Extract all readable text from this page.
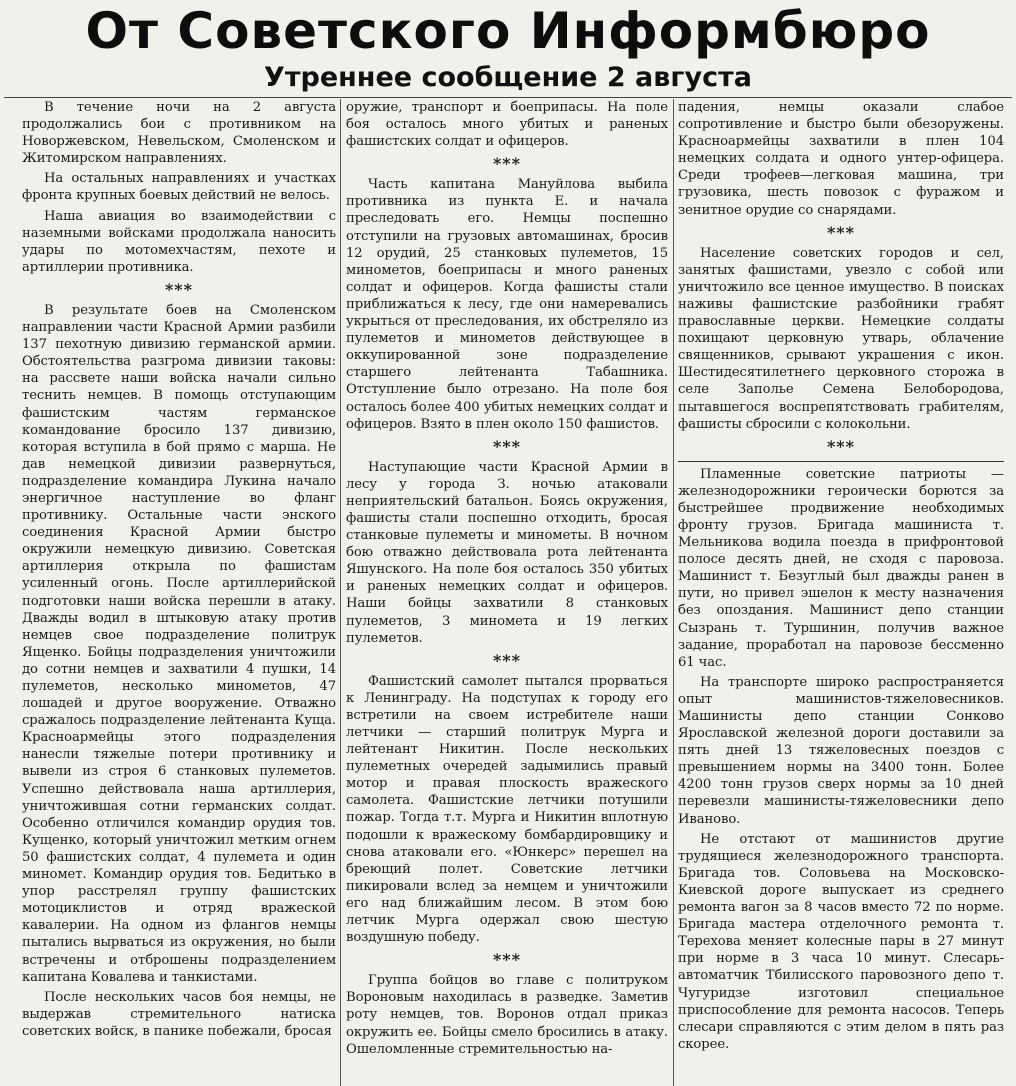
От Советского Информбюро
Утреннее сообщение 2 августа

В течение ночи на 2 августа продолжались бои с противником на Новоржевском, Невельском, Смоленском и Житомирском направлениях.

На остальных направлениях и участках фронта крупных боевых действий не велось.

Наша авиация во взаимодействии с наземными войсками продолжала наносить удары по мотомехчастям, пехоте и артиллерии противника.

***

В результате боев на Смоленском направлении части Красной Армии разбили 137 пехотную дивизию германской армии. Обстоятельства разгрома дивизии таковы: на рассвете наши войска начали сильно теснить немцев. В помощь отступающим фашистским частям германское командование бросило 137 дивизию, которая вступила в бой прямо с марша. Не дав немецкой дивизии развернуться, подразделение командира Лукина начало энергичное наступление во фланг противнику. Остальные части энского соединения Красной Армии быстро окружили немецкую дивизию. Советская артиллерия открыла по фашистам усиленный огонь. После артиллерийской подготовки наши войска перешли в атаку. Дважды водил в штыковую атаку против немцев свое подразделение политрук Ященко. Бойцы подразделения уничтожили до сотни немцев и захватили 4 пушки, 14 пулеметов, несколько минометов, 47 лошадей и другое вооружение. Отважно сражалось подразделение лейтенанта Куща. Красноармейцы этого подразделения нанесли тяжелые потери противнику и вывели из строя 6 станковых пулеметов. Успешно действовала наша артиллерия, уничтожившая сотни германских солдат. Особенно отличился командир орудия тов. Кущенко, который уничтожил метким огнем 50 фашистских солдат, 4 пулемета и один миномет. Командир орудия тов. Бедитько в упор расстрелял группу фашистских мотоциклистов и отряд вражеской кавалерии. На одном из флангов немцы пытались вырваться из окружения, но были встречены и отброшены подразделением капитана Ковалева и танкистами.

После нескольких часов боя немцы, не выдержав стремительного натиска советских войск, в панике побежали, бросая

оружие, транспорт и боеприпасы. На поле боя осталось много убитых и раненых фашистских солдат и офицеров.

***

Часть капитана Мануйлова выбила противника из пункта Е. и начала преследовать его. Немцы поспешно отступили на грузовых автомашинах, бросив 12 орудий, 25 станковых пулеметов, 15 минометов, боеприпасы и много раненых солдат и офицеров. Когда фашисты стали приближаться к лесу, где они намеревались укрыться от преследования, их обстреляло из пулеметов и минометов действующее в оккупированной зоне подразделение старшего лейтенанта Табашника. Отступление было отрезано. На поле боя осталось более 400 убитых немецких солдат и офицеров. Взято в плен около 150 фашистов.

***

Наступающие части Красной Армии в лесу у города З. ночью атаковали неприятельский батальон. Боясь окружения, фашисты стали поспешно отходить, бросая станковые пулеметы и минометы. В ночном бою отважно действовала рота лейтенанта Яшунского. На поле боя осталось 350 убитых и раненых немецких солдат и офицеров. Наши бойцы захватили 8 станковых пулеметов, 3 миномета и 19 легких пулеметов.

***

Фашистский самолет пытался прорваться к Ленинграду. На подступах к городу его встретили на своем истребителе наши летчики — старший политрук Мурга и лейтенант Никитин. После нескольких пулеметных очередей задымились правый мотор и правая плоскость вражеского самолета. Фашистские летчики потушили пожар. Тогда т.т. Мурга и Никитин вплотную подошли к вражескому бомбардировщику и снова атаковали его. «Юнкерс» перешел на бреющий полет. Советские летчики пикировали вслед за немцем и уничтожили его над ближайшим лесом. В этом бою летчик Мурга одержал свою шестую воздушную победу.

***

Группа бойцов во главе с политруком Вороновым находилась в разведке. Заметив роту немцев, тов. Воронов отдал приказ окружить ее. Бойцы смело бросились в атаку. Ошеломленные стремительностью на-

падения, немцы оказали слабое сопротивление и быстро были обезоружены. Красноармейцы захватили в плен 104 немецких солдата и одного унтер-офицера. Среди трофеев—легковая машина, три грузовика, шесть повозок с фуражом и зенитное орудие со снарядами.

***

Население советских городов и сел, занятых фашистами, увезло с собой или уничтожило все ценное имущество. В поисках наживы фашистские разбойники грабят православные церкви. Немецкие солдаты похищают церковную утварь, облачение священников, срывают украшения с икон. Шестидесятилетнего церковного сторожа в селе Заполье Семена Белобородова, пытавшегося воспрепятствовать грабителям, фашисты сбросили с колокольни.

***

Пламенные советские патриоты — железнодорожники героически борются за быстрейшее продвижение необходимых фронту грузов. Бригада машиниста т. Мельникова водила поезда в прифронтовой полосе десять дней, не сходя с паровоза. Машинист т. Безуглый был дважды ранен в пути, но привел эшелон к месту назначения без опоздания. Машинист депо станции Сызрань т. Туршинин, получив важное задание, проработал на паровозе бессменно 61 час.

На транспорте широко распространяется опыт машинистов-тяжеловесников. Машинисты депо станции Сонково Ярославской железной дороги доставили за пять дней 13 тяжеловесных поездов с превышением нормы на 3400 тонн. Более 4200 тонн грузов сверх нормы за 10 дней перевезли машинисты-тяжеловесники депо Иваново.

Не отстают от машинистов другие трудящиеся железнодорожного транспорта. Бригада тов. Соловьева на Московско-Киевской дороге выпускает из среднего ремонта вагон за 8 часов вместо 72 по норме. Бригада мастера отделочного ремонта т. Терехова меняет колесные пары в 27 минут при норме в 3 часа 10 минут. Слесарь-автоматчик Тбилисского паровозного депо т. Чугуридзе изготовил специальное приспособление для ремонта насосов. Теперь слесари справляются с этим делом в пять раз скорее.
